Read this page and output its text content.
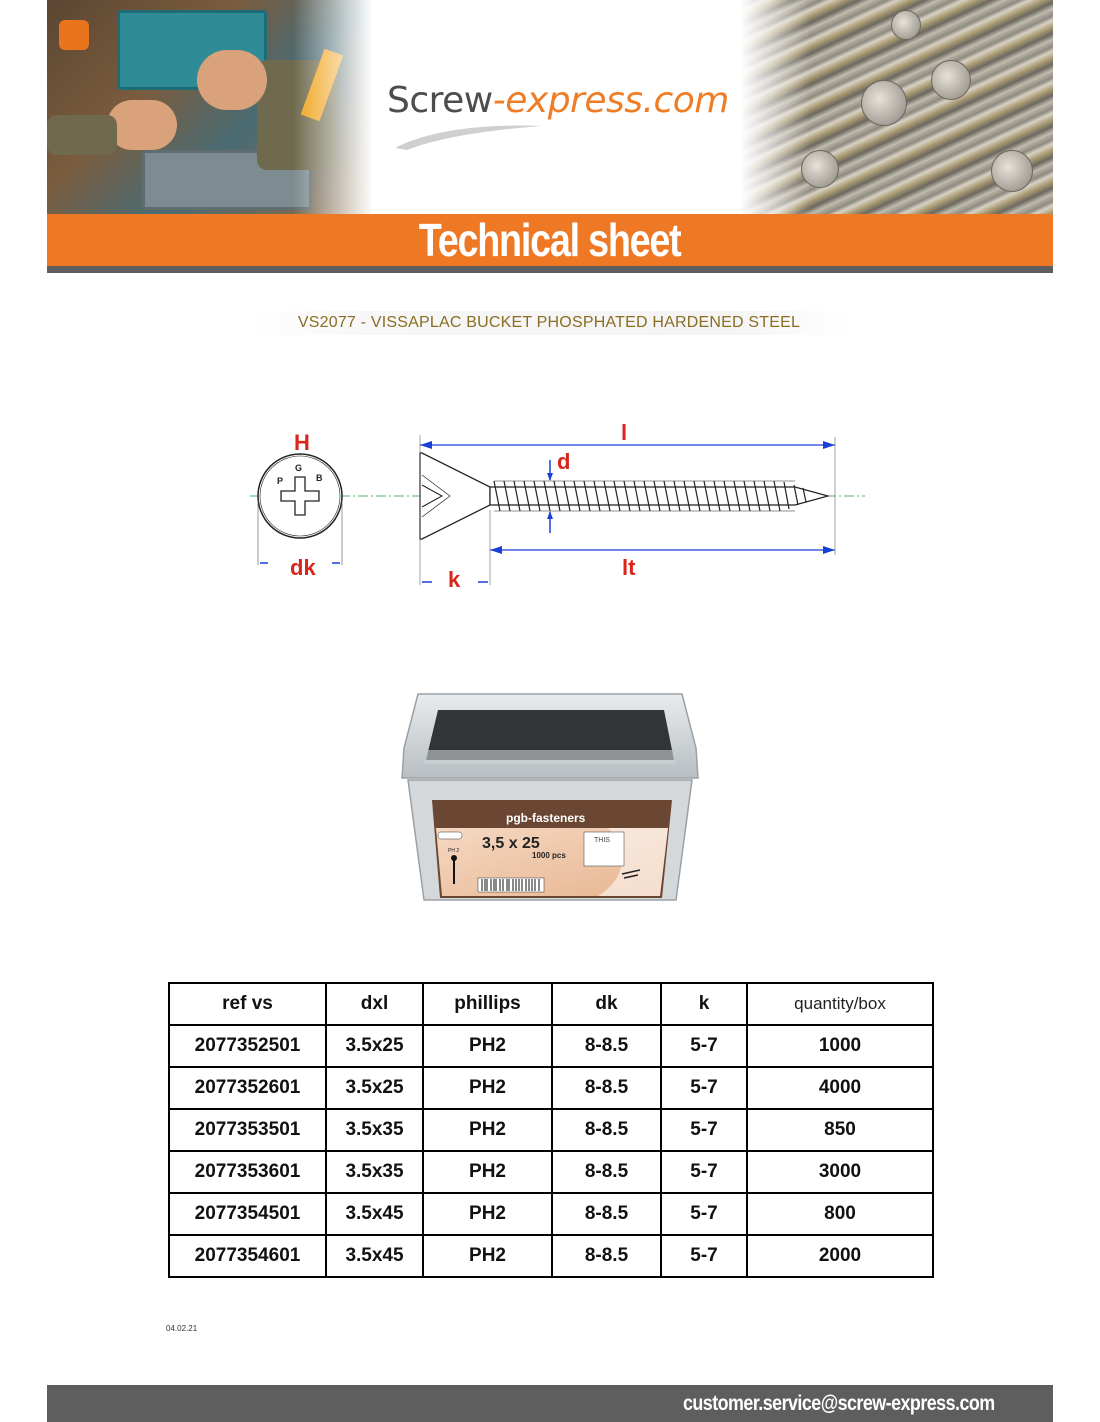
Screw-express.com
Technical sheet
VS2077 - VISSAPLAC BUCKET PHOSPHATED HARDENED STEEL
P
G
B
H
dk
l
d
k	lt
pgb-fasteners
3,5 x 25
1000 pcs
PH 2
THIS
ref vs	dxl	phillips	dk	k	quantity/box
2077352501	3.5x25	PH2	8-8.5	5-7	1000
2077352601	3.5x25	PH2	8-8.5	5-7	4000
2077353501	3.5x35	PH2	8-8.5	5-7	850
2077353601	3.5x35	PH2	8-8.5	5-7	3000
2077354501	3.5x45	PH2	8-8.5	5-7	800
2077354601	3.5x45	PH2	8-8.5	5-7	2000
04.02.21
customer.service@screw-express.com
